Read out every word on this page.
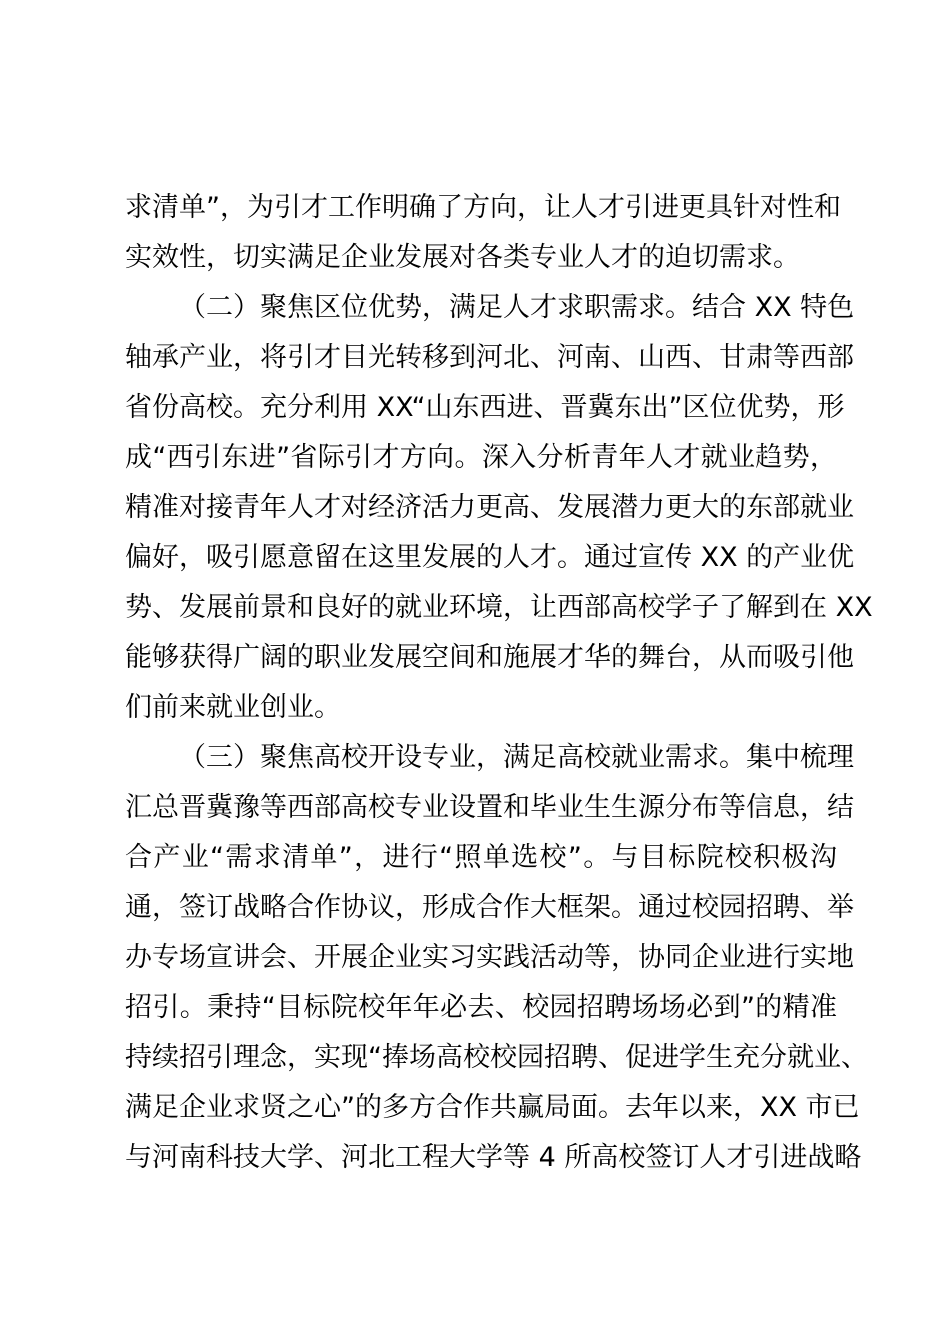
求清单”，为引才工作明确了方向，让人才引进更具针对性和
实效性，切实满足企业发展对各类专业人才的迫切需求。
（二）聚焦区位优势，满足人才求职需求。结合 XX 特色
轴承产业，将引才目光转移到河北、河南、山西、甘肃等西部
省份高校。充分利用 XX“山东西进、晋冀东出”区位优势，形
成“西引东进”省际引才方向。深入分析青年人才就业趋势，
精准对接青年人才对经济活力更高、发展潜力更大的东部就业
偏好，吸引愿意留在这里发展的人才。通过宣传 XX 的产业优
势、发展前景和良好的就业环境，让西部高校学子了解到在 XX
能够获得广阔的职业发展空间和施展才华的舞台，从而吸引他
们前来就业创业。
（三）聚焦高校开设专业，满足高校就业需求。集中梳理
汇总晋冀豫等西部高校专业设置和毕业生生源分布等信息，结
合产业“需求清单”，进行“照单选校”。与目标院校积极沟
通，签订战略合作协议，形成合作大框架。通过校园招聘、举
办专场宣讲会、开展企业实习实践活动等，协同企业进行实地
招引。秉持“目标院校年年必去、校园招聘场场必到”的精准
持续招引理念，实现“捧场高校校园招聘、促进学生充分就业、
满足企业求贤之心”的多方合作共赢局面。去年以来，XX 市已
与河南科技大学、河北工程大学等 4 所高校签订人才引进战略
